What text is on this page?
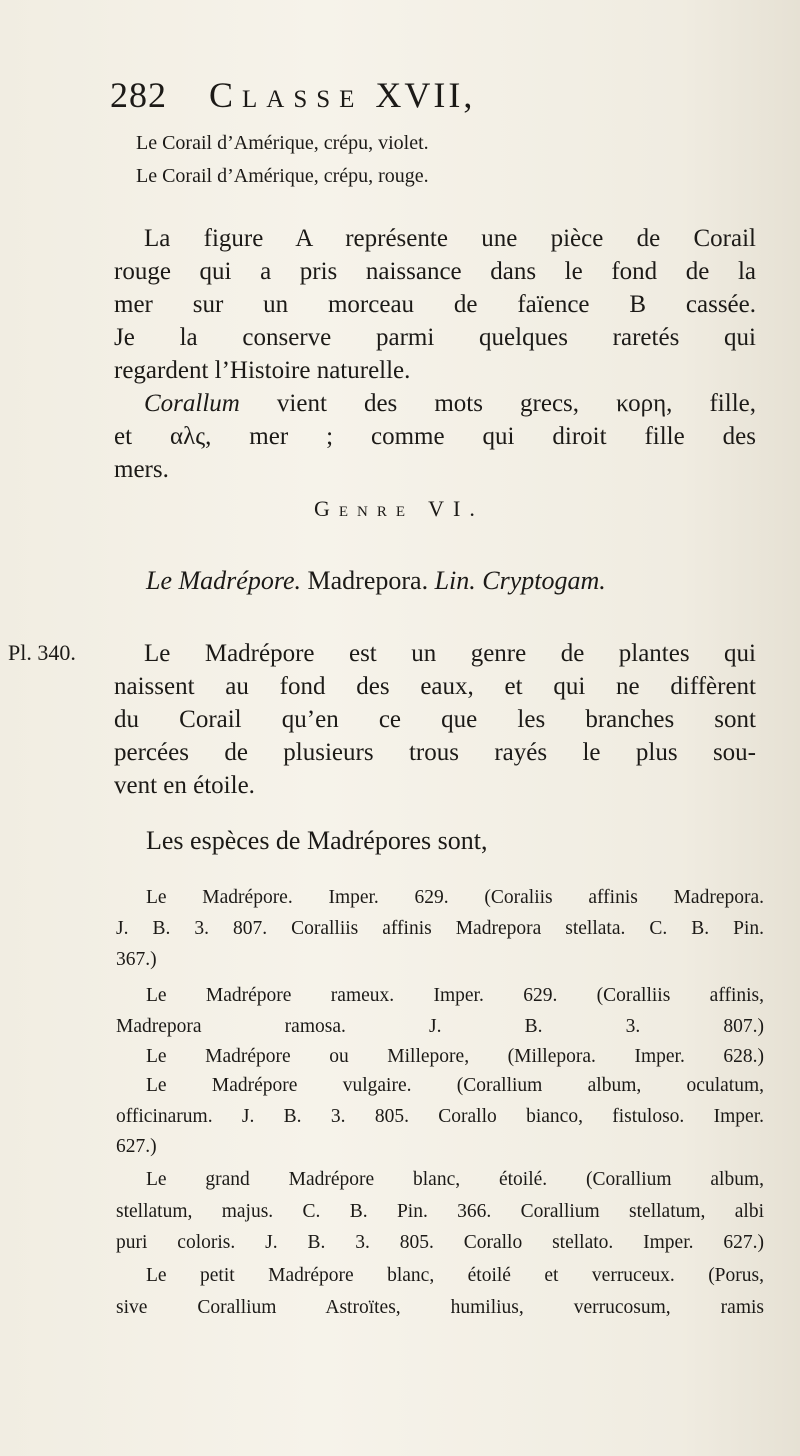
282 Classe XVII,
Le Corail d’Amérique, crépu, violet.
Le Corail d’Amérique, crépu, rouge.
La figure A représente une pièce de Corail
rouge qui a pris naissance dans le fond de la
mer sur un morceau de faïence B cassée.
Je la conserve parmi quelques raretés qui
regardent l’Histoire naturelle.
Corallum vient des mots grecs, κορη, fille,
et αλς, mer ; comme qui diroit fille des
mers.
Genre VI.
Le Madrépore. Madrepora. Lin. Cryptogam.
Pl. 340.	Le Madrépore est un genre de plantes qui
naissent au fond des eaux, et qui ne diffèrent
du Corail qu’en ce que les branches sont
percées de plusieurs trous rayés le plus sou-
vent en étoile.
Les espèces de Madrépores sont,
Le Madrépore. Imper. 629. (Coraliis affinis Madrepora.
J. B. 3. 807. Coralliis affinis Madrepora stellata. C. B. Pin.
367.)
Le Madrépore rameux. Imper. 629. (Coralliis affinis,
Madrepora ramosa. J. B. 3. 807.)
Le Madrépore ou Millepore, (Millepora. Imper. 628.)
Le Madrépore vulgaire. (Corallium album, oculatum,
officinarum. J. B. 3. 805. Corallo bianco, fistuloso. Imper.
627.)
Le grand Madrépore blanc, étoilé. (Corallium album,
stellatum, majus. C. B. Pin. 366. Corallium stellatum, albi
puri coloris. J. B. 3. 805. Corallo stellato. Imper. 627.)
Le petit Madrépore blanc, étoilé et verruceux. (Porus,
sive Corallium Astroïtes, humilius, verrucosum, ramis
